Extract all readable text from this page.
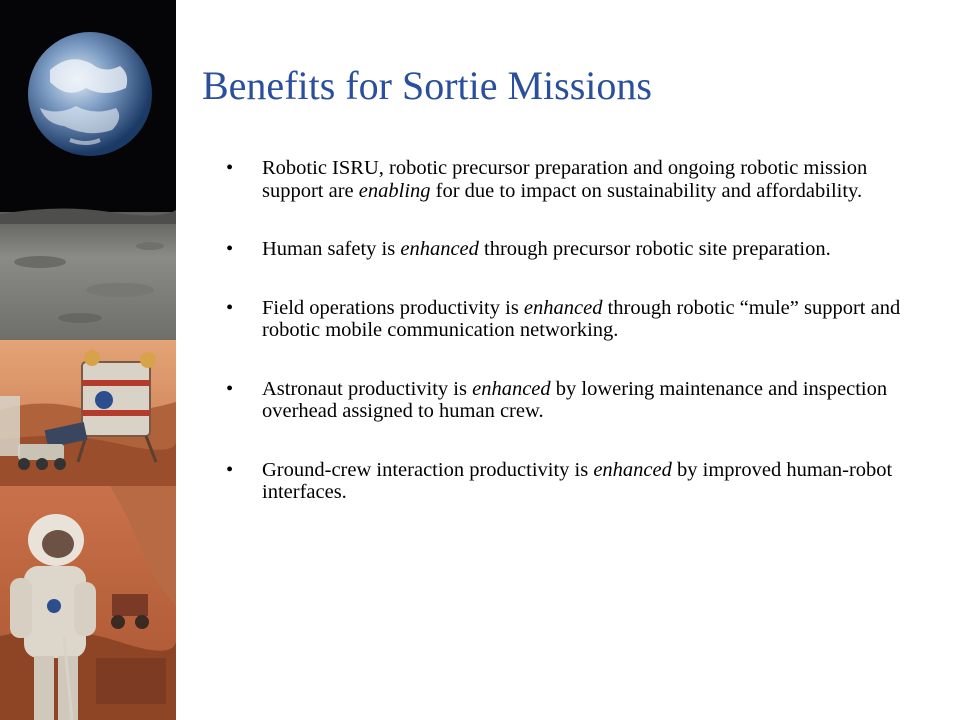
Benefits for Sortie Missions
• Robotic ISRU, robotic precursor preparation and ongoing robotic mission support are enabling for due to impact on sustainability and affordability.
• Human safety is enhanced through precursor robotic site preparation.
• Field operations productivity is enhanced through robotic “mule” support and robotic mobile communication networking.
• Astronaut productivity is enhanced by lowering maintenance and inspection overhead assigned to human crew.
• Ground-crew interaction productivity is enhanced by improved human-robot interfaces.
